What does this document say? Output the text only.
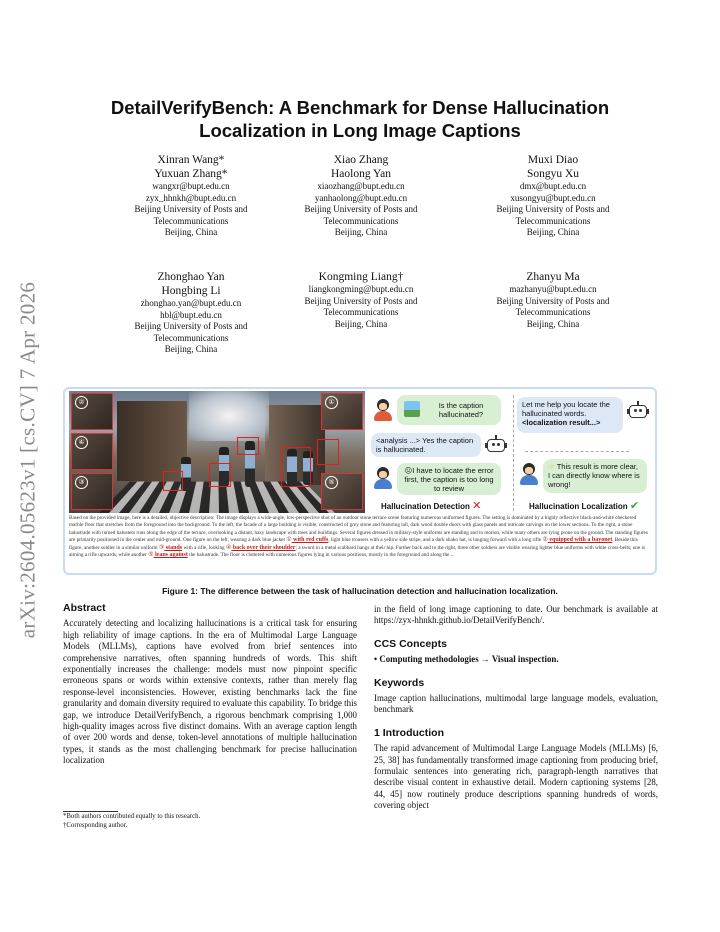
arXiv:2604.05623v1 [cs.CV] 7 Apr 2026
DetailVerifyBench: A Benchmark for Dense Hallucination Localization in Long Image Captions
Xinran Wang*
Yuxuan Zhang*
wangxr@bupt.edu.cn
zyx_hhnkh@bupt.edu.cn
Beijing University of Posts and
Telecommunications
Beijing, China
Xiao Zhang
Haolong Yan
xiaozhang@bupt.edu.cn
yanhaolong@bupt.edu.cn
Beijing University of Posts and
Telecommunications
Beijing, China
Muxi Diao
Songyu Xu
dmx@bupt.edu.cn
xusongyu@bupt.edu.cn
Beijing University of Posts and
Telecommunications
Beijing, China
Zhonghao Yan
Hongbing Li
zhonghao.yan@bupt.edu.cn
hbl@bupt.edu.cn
Beijing University of Posts and
Telecommunications
Beijing, China
Kongming Liang†
liangkongming@bupt.edu.cn
Beijing University of Posts and
Telecommunications
Beijing, China
Zhanyu Ma
mazhanyu@bupt.edu.cn
Beijing University of Posts and
Telecommunications
Beijing, China
②
④
③
①
⑤
Is the caption hallucinated?
<analysis ...> Yes the caption is hallucinated.
😖I have to locate the error first, the caption is too long to review
Hallucination Detection ✕
Let me help you locate the hallucinated words.
<localization result...>
☞ This result is more clear, I can directly know where is wrong!
Hallucination Localization ✔
Based on the provided image, here is a detailed, objective description: The image displays a wide-angle, low-perspective shot of an outdoor stone terrace scene featuring numerous uniformed figures. The setting is dominated by a highly reflective black-and-white checkered marble floor that stretches from the foreground into the background. To the left, the facade of a large building is visible, constructed of grey stone and featuring tall, dark wood double doors with glass panels and intricate carvings on the lower sections. To the right, a stone balustrade with turned balusters runs along the edge of the terrace, overlooking a distant, hazy landscape with trees and buildings. Several figures dressed in military-style uniforms are standing and in motion, while many others are lying prone on the ground. The standing figures are primarily positioned in the center and mid-ground. One figure on the left, wearing a dark blue jacket ① with red cuffs, light blue trousers with a yellow side stripe, and a dark shako hat, is lunging forward with a long rifle ② equipped with a bayonet. Beside this figure, another soldier in a similar uniform ③ stands with a rifle, looking ④ back over their shoulder; a sword in a metal scabbard hangs at their hip. Further back and to the right, three other soldiers are visible wearing lighter blue uniforms with white cross-belts; one is aiming a rifle upwards, while another ⑤ leans against the balustrade. The floor is cluttered with numerous figures lying in various positions, mostly in the foreground and along the ...
Figure 1: The difference between the task of hallucination detection and hallucination localization.
Abstract
Accurately detecting and localizing hallucinations is a critical task for ensuring high reliability of image captions. In the era of Multimodal Large Language Models (MLLMs), captions have evolved from brief sentences into comprehensive narratives, often spanning hundreds of words. This shift exponentially increases the challenge: models must now pinpoint specific erroneous spans or words within extensive contexts, rather than merely flag response-level inconsistencies. However, existing benchmarks lack the fine granularity and domain diversity required to evaluate this capability. To bridge this gap, we introduce DetailVerifyBench, a rigorous benchmark comprising 1,000 high-quality images across five distinct domains. With an average caption length of over 200 words and dense, token-level annotations of multiple hallucination types, it stands as the most challenging benchmark for precise hallucination localization
in the field of long image captioning to date. Our benchmark is available at https://zyx-hhnkh.github.io/DetailVerifyBench/.
CCS Concepts
• Computing methodologies → Visual inspection.
Keywords
Image caption hallucinations, multimodal large language models, evaluation, benchmark
1 Introduction
The rapid advancement of Multimodal Large Language Models (MLLMs) [6, 25, 38] has fundamentally transformed image captioning from producing brief, formulaic sentences into generating rich, paragraph-length narratives that describe visual content in exhaustive detail. Modern captioning systems [28, 44, 45] now routinely produce descriptions spanning hundreds of words, covering object
*Both authors contributed equally to this research.
†Corresponding author.
